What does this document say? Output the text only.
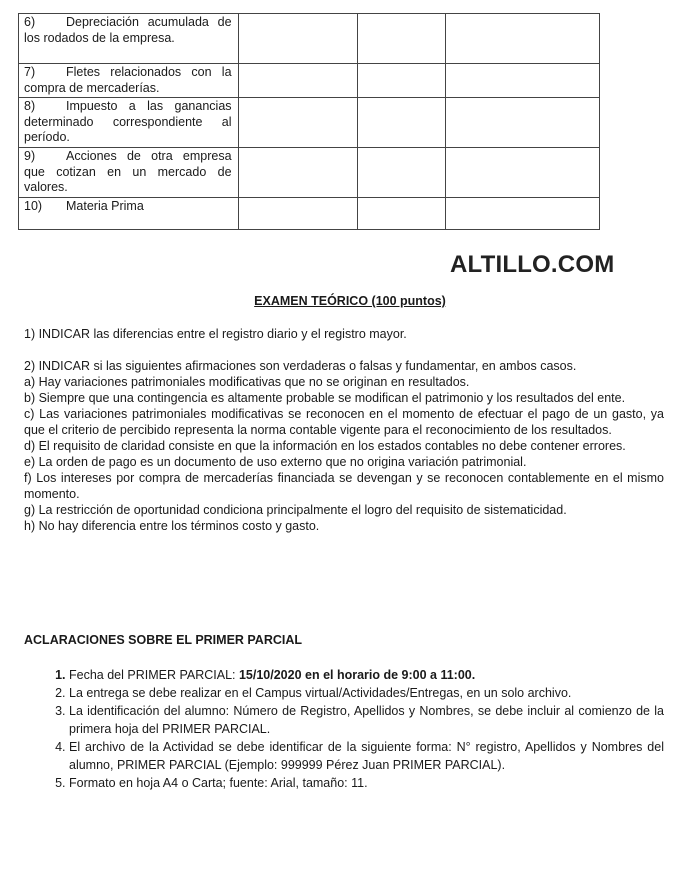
6) Depreciación acumulada de los rodados de la empresa.			

7) Fletes relacionados con la compra de mercaderías.			

8) Impuesto a las ganancias determinado correspondiente al período.			

9) Acciones de otra empresa que cotizan en un mercado de valores.			

10) Materia Prima			

ALTILLO.COM
EXAMEN TEÓRICO (100 puntos)
1) INDICAR las diferencias entre el registro diario y el registro mayor.

2) INDICAR si las siguientes afirmaciones son verdaderas o falsas y fundamentar, en ambos casos.

a) Hay variaciones patrimoniales modificativas que no se originan en resultados.

b) Siempre que una contingencia es altamente probable se modifican el patrimonio y los resultados del ente.

c) Las variaciones patrimoniales modificativas se reconocen en el momento de efectuar el pago de un gasto, ya que el criterio de percibido representa la norma contable vigente para el reconocimiento de los resultados.

d) El requisito de claridad consiste en que la información en los estados contables no debe contener errores.

e) La orden de pago es un documento de uso externo que no origina variación patrimonial.

f) Los intereses por compra de mercaderías financiada se devengan y se reconocen contablemente en el mismo momento.

g) La restricción de oportunidad condiciona principalmente el logro del requisito de sistematicidad.

h) No hay diferencia entre los términos costo y gasto.

ACLARACIONES SOBRE EL PRIMER PARCIAL
1. Fecha del PRIMER PARCIAL: 15/10/2020 en el horario de 9:00 a 11:00.
2. La entrega se debe realizar en el Campus virtual/Actividades/Entregas, en un solo archivo.
3. La identificación del alumno: Número de Registro, Apellidos y Nombres, se debe incluir al comienzo de la primera hoja del PRIMER PARCIAL.
4. El archivo de la Actividad se debe identificar de la siguiente forma: N° registro, Apellidos y Nombres del alumno, PRIMER PARCIAL (Ejemplo: 999999 Pérez Juan PRIMER PARCIAL).
5. Formato en hoja A4 o Carta; fuente: Arial, tamaño: 11.
